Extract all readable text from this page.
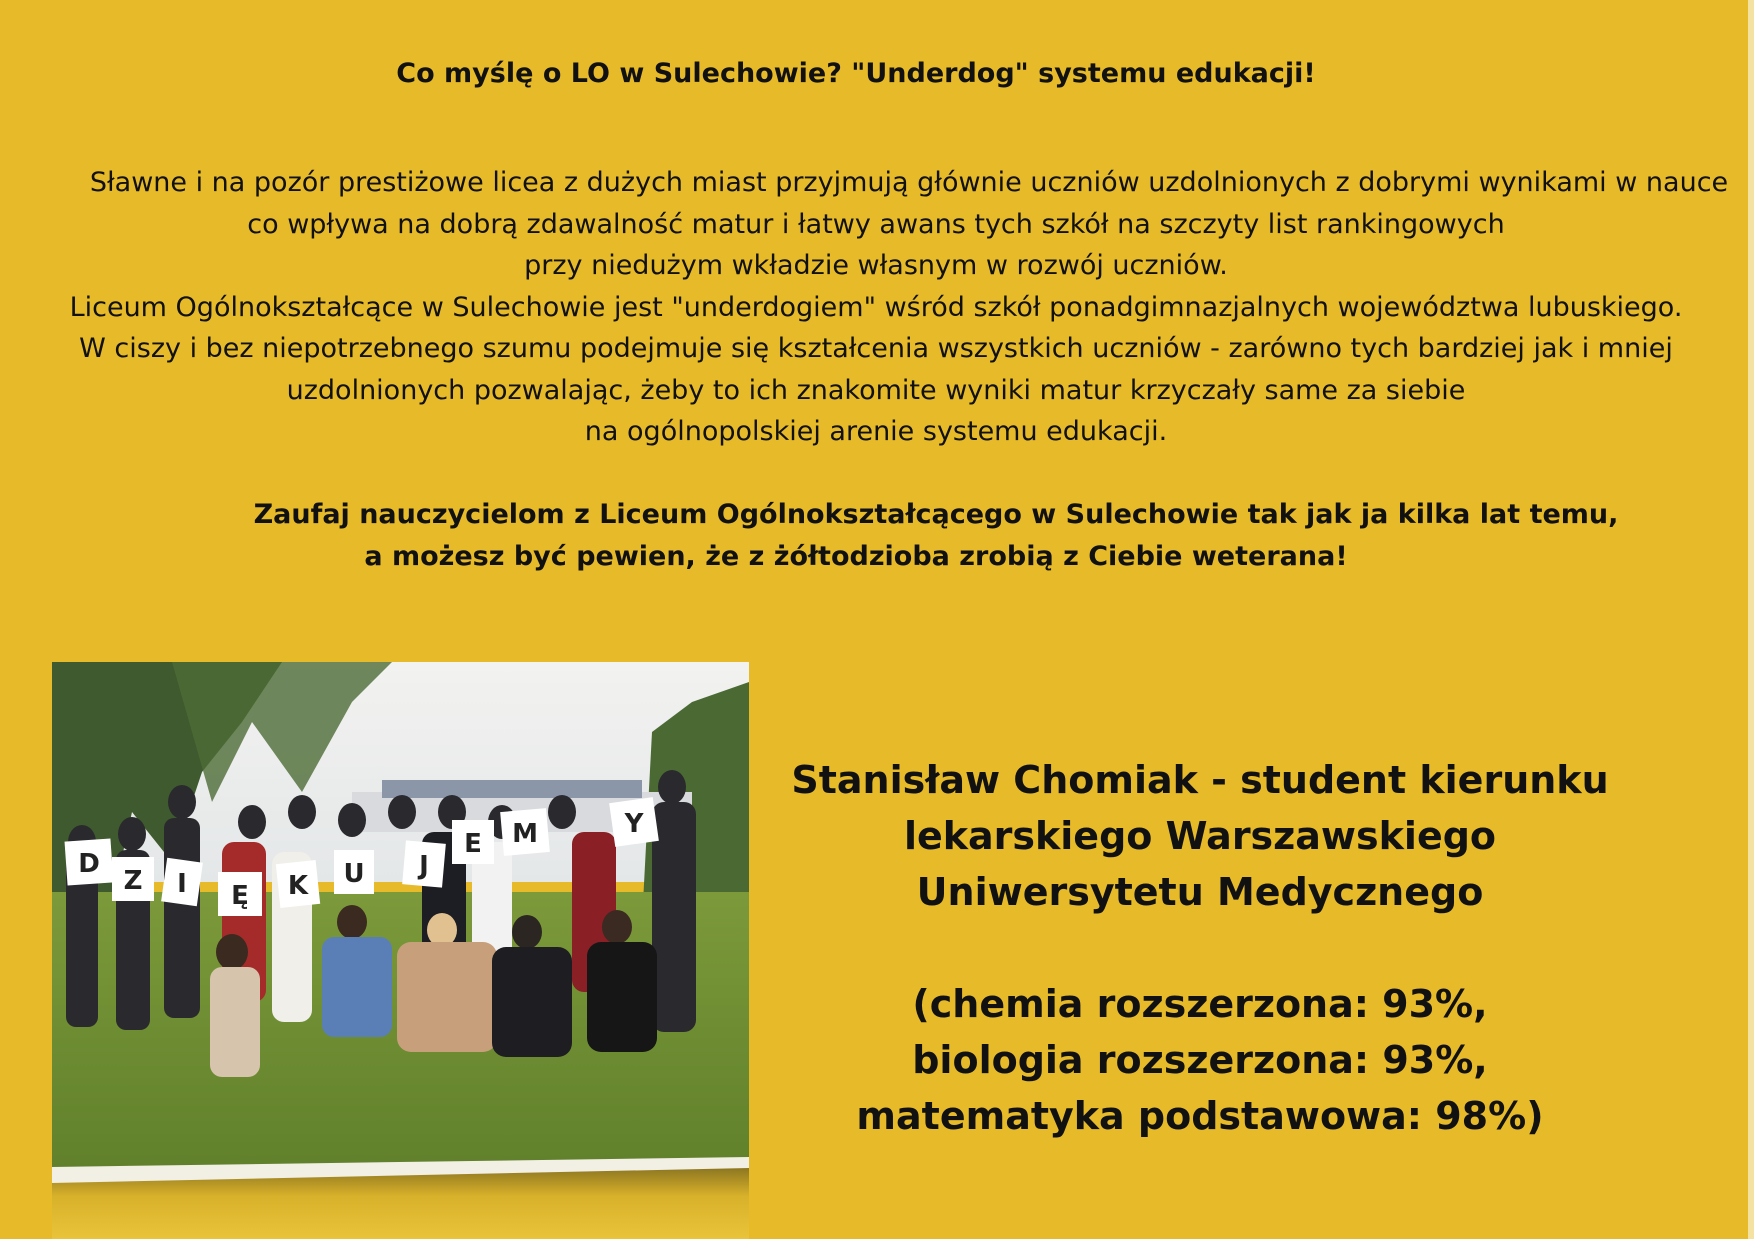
Co myślę o LO w Sulechowie? "Underdog" systemu edukacji!
Sławne i na pozór prestiżowe licea z dużych miast przyjmują głównie uczniów uzdolnionych z dobrymi wynikami w nauce
co wpływa na dobrą zdawalność matur i łatwy awans tych szkół na szczyty list rankingowych
przy niedużym wkładzie własnym w rozwój uczniów.
Liceum Ogólnokształcące w Sulechowie jest "underdogiem" wśród szkół ponadgimnazjalnych województwa lubuskiego.
W ciszy i bez niepotrzebnego szumu podejmuje się kształcenia wszystkich uczniów - zarówno tych bardziej jak i mniej
uzdolnionych pozwalając, żeby to ich znakomite wyniki matur krzyczały same za siebie
na ogólnopolskiej arenie systemu edukacji.
Zaufaj nauczycielom z Liceum Ogólnokształcącego w Sulechowie tak jak ja kilka lat temu,
a możesz być pewien, że z żółtodzioba zrobią z Ciebie weterana!
D
Z I Ę K U J
E M	Y
Stanisław Chomiak - student kierunku
lekarskiego Warszawskiego
Uniwersytetu Medycznego
(chemia rozszerzona: 93%,
biologia rozszerzona: 93%,
matematyka podstawowa: 98%)
